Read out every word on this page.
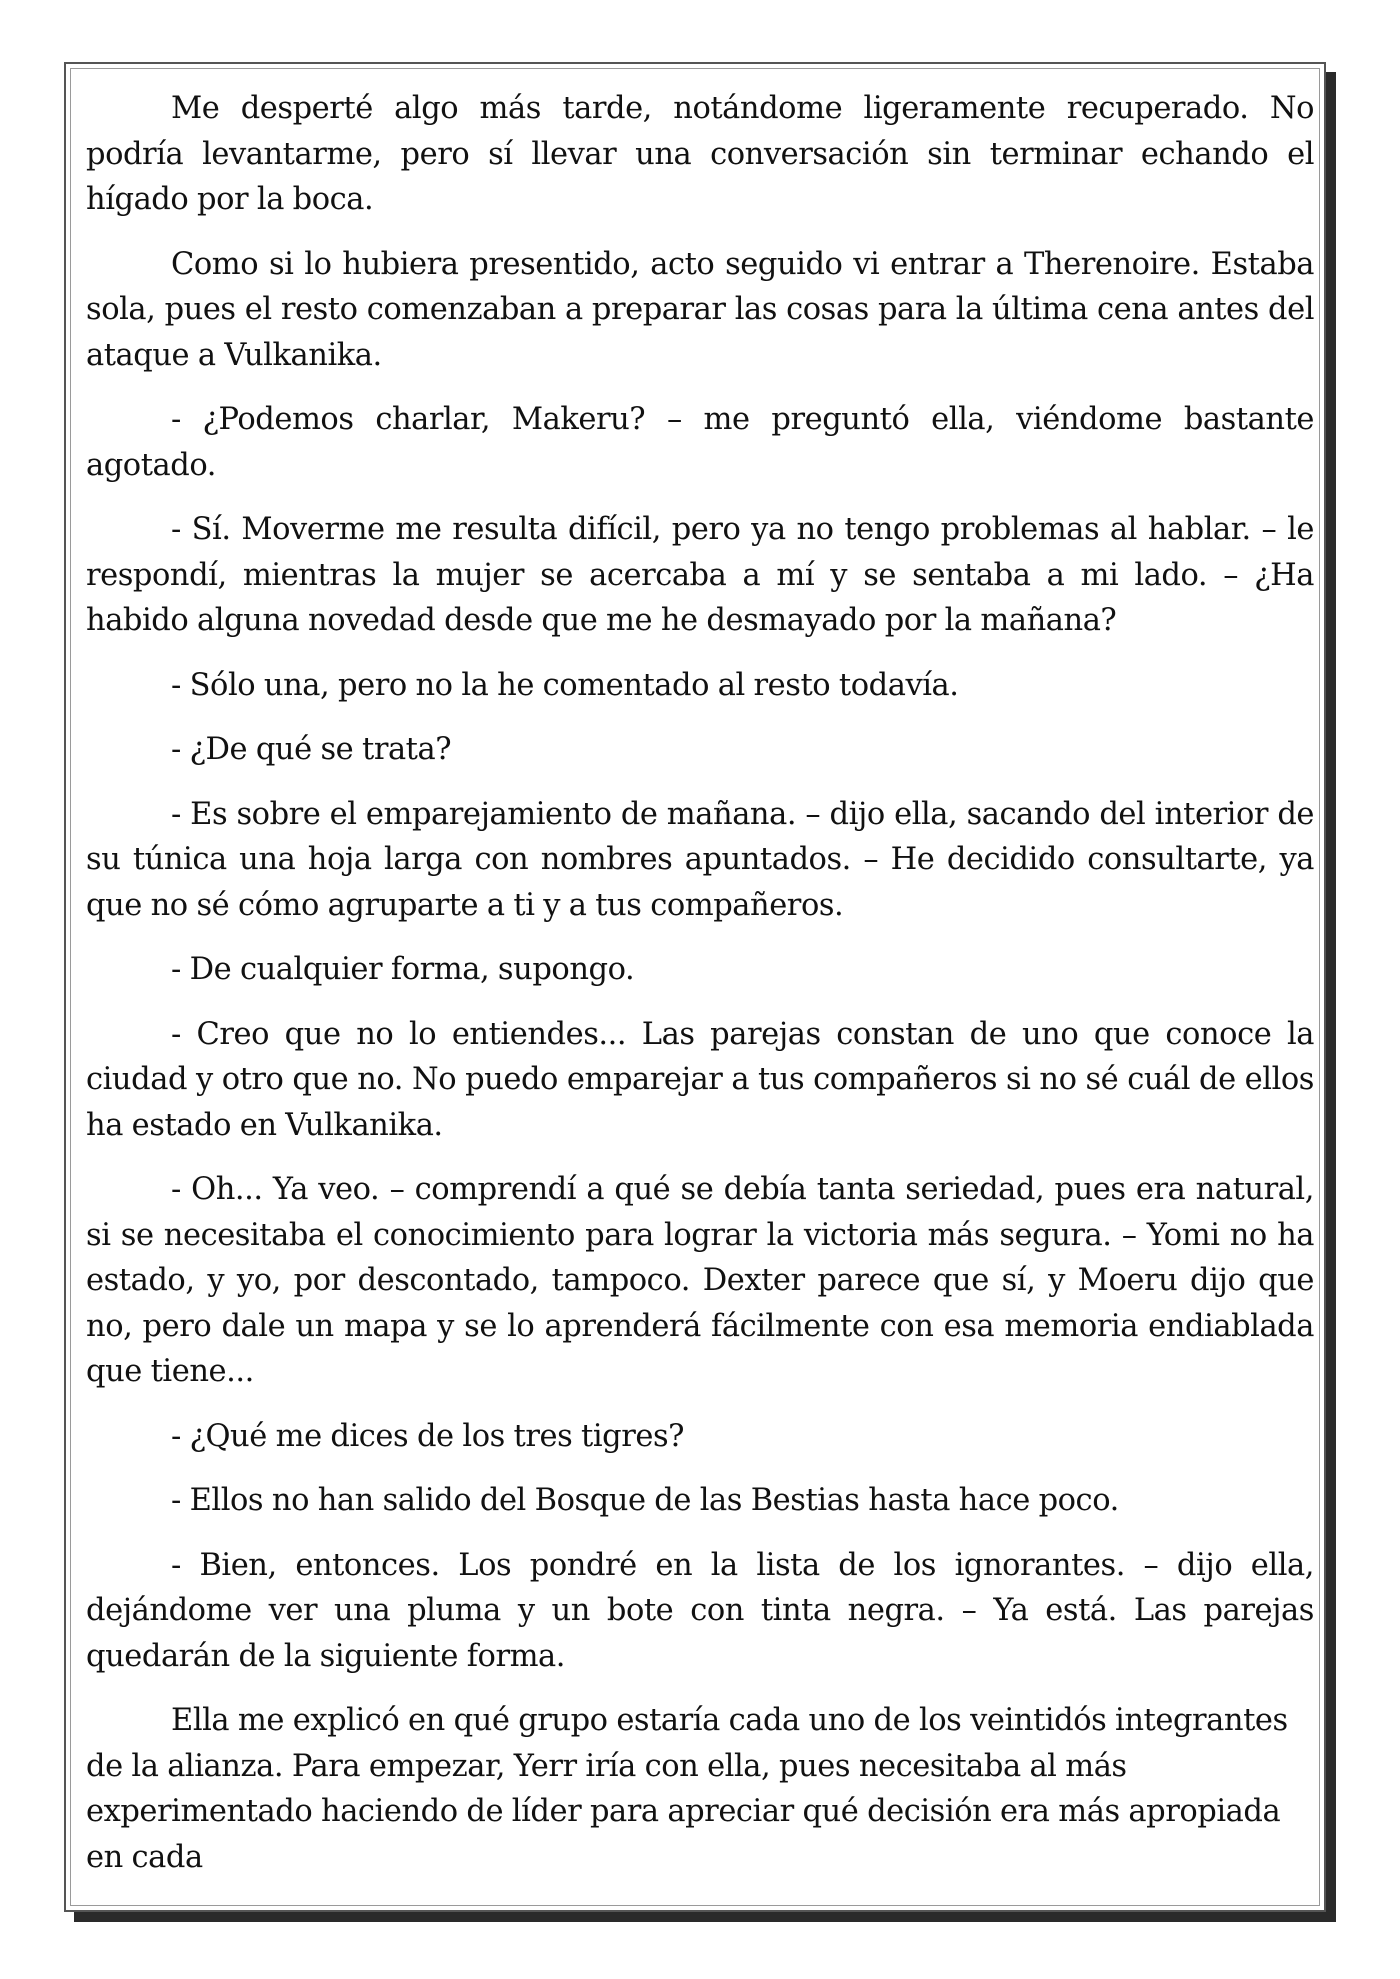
Me desperté algo más tarde, notándome ligeramente recuperado. No podría levantarme, pero sí llevar una conversación sin terminar echando el hígado por la boca.

Como si lo hubiera presentido, acto seguido vi entrar a Therenoire. Estaba sola, pues el resto comenzaban a preparar las cosas para la última cena antes del ataque a Vulkanika.

- ¿Podemos charlar, Makeru? – me preguntó ella, viéndome bastante agotado.

- Sí. Moverme me resulta difícil, pero ya no tengo problemas al hablar. – le respondí, mientras la mujer se acercaba a mí y se sentaba a mi lado. – ¿Ha habido alguna novedad desde que me he desmayado por la mañana?

- Sólo una, pero no la he comentado al resto todavía.

- ¿De qué se trata?

- Es sobre el emparejamiento de mañana. – dijo ella, sacando del interior de su túnica una hoja larga con nombres apuntados. – He decidido consultarte, ya que no sé cómo agruparte a ti y a tus compañeros.

- De cualquier forma, supongo.

- Creo que no lo entiendes... Las parejas constan de uno que conoce la ciudad y otro que no. No puedo emparejar a tus compañeros si no sé cuál de ellos ha estado en Vulkanika.

- Oh... Ya veo. – comprendí a qué se debía tanta seriedad, pues era natural, si se necesitaba el conocimiento para lograr la victoria más segura. – Yomi no ha estado, y yo, por descontado, tampoco. Dexter parece que sí, y Moeru dijo que no, pero dale un mapa y se lo aprenderá fácilmente con esa memoria endiablada que tiene...

- ¿Qué me dices de los tres tigres?

- Ellos no han salido del Bosque de las Bestias hasta hace poco.

- Bien, entonces. Los pondré en la lista de los ignorantes. – dijo ella, dejándome ver una pluma y un bote con tinta negra. – Ya está. Las parejas quedarán de la siguiente forma.

Ella me explicó en qué grupo estaría cada uno de los veintidós integrantes de la alianza. Para empezar, Yerr iría con ella, pues necesitaba al más experimentado haciendo de líder para apreciar qué decisión era más apropiada en cada
